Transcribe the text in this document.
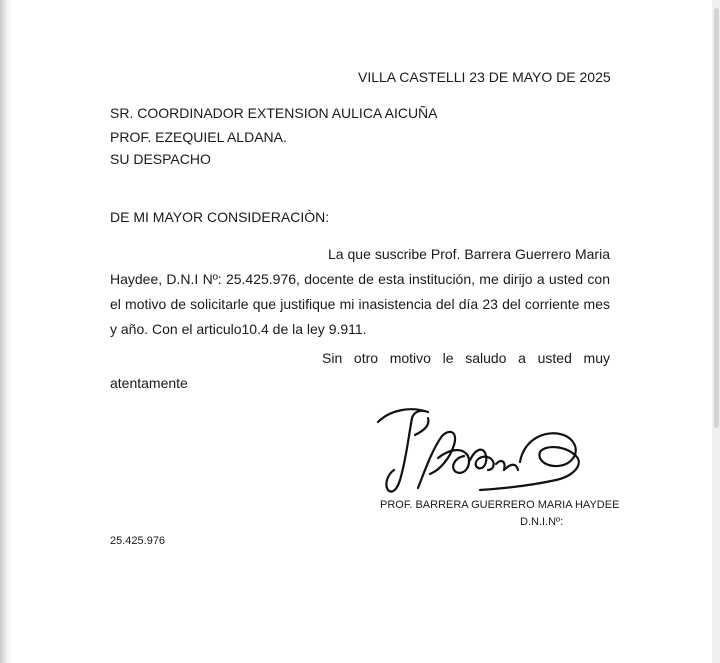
VILLA CASTELLI 23 DE MAYO DE 2025
SR. COORDINADOR EXTENSION AULICA AICUÑA
PROF. EZEQUIEL ALDANA.
SU DESPACHO
DE MI MAYOR CONSIDERACIÒN:
La que suscribe Prof. Barrera Guerrero Maria Haydee, D.N.I Nº: 25.425.976, docente de esta institución, me dirijo a usted con el motivo de solicitarle que justifique mi inasistencia del día 23 del corriente mes y año. Con el articulo10.4 de la ley 9.911.
Sin otro motivo le saludo a usted muy atentamente
PROF. BARRERA GUERRERO MARIA HAYDEE
D.N.I.Nº:
25.425.976
